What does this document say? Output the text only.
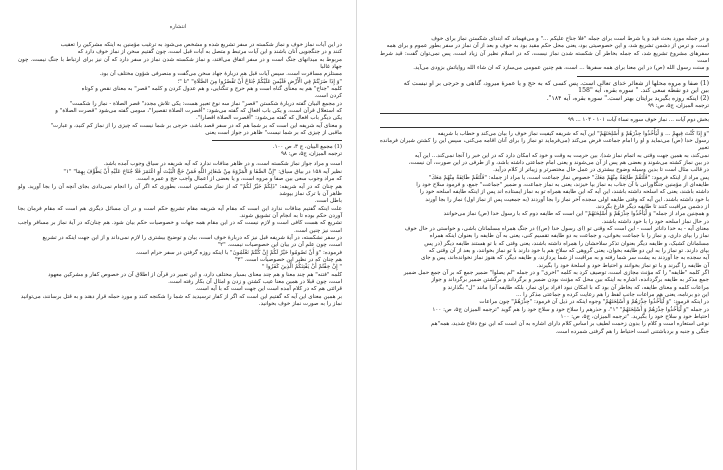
انتشاره

در این آیات نماز خوف و نماز شکسته در سفر تشریع شده و مشخص می‌شود به ترغیب مؤمنین به اینکه مشرکین را تعقیب

کنند و در جنگجویی آنان باشند و این آیات مرتبط و متصل به آیات قبل است، چون گفتیم سخن از نماز خوف دارد که

مربوط به میدانهای جنگ است و در سفر اتفاق می‌افتد، و نماز شکسته شدن نماز در سفر دارد که آن نیز برای ارتباط با جنگ نیست. چون جهاد غالبا

مستلزم مسافرت است. سپس آیات قبل هم دربارهٔ جهاد سخن می‌گفت و منصرفی شؤون مختلف آن بود.

"وَ إِذَا ضَرَبْتُمْ فِي الْأَرْضِ فَلَيْسَ عَلَيْكُمْ جُنَاحٌ أَنْ تَقْصُرُوا مِنَ الصَّلَاةِ" "تا "؛

كلمه "جناح" هم به معنای گناه است و هم حرج و تنگنایی، و هم عدول کردن و کلمه "قصر" به معنای نقص و کوتاه

کردن است.

در مجمع البیان گفته دربارهٔ شکستن "قصر" نماز سه نوع تعبیر هست: یکی تلاش مجدد" قصر الصلاة - نماز را شکست"

که استعلال قرآن است، و یکی باب افعال که گفته می‌شود: "أقصرت الصلاة تقصیرا"، سومی گفته می‌شود "قصرت الصلاة" و

یکی دیگر باب افعال که گفته می‌شود: "أقصرت الصلاة اقصارا".

و معنای آیه شریفه این است که بر شما هم که در سفر قصد باشد، حرجی بر شما نیست که چیزی را از نماز کم کنید، و عبارت"

ماقبی از چیزی که بر شما نیست" ظاهر در جواز است یعنی

(1) مجمع البیان، ج ۳، ص ۱۰۰.

ترجمه المیزان، ج۵، ص: ۹۸

است و مراد جواز نماز شکسته است، و در ظاهر منافات ندارد که آیه شریفه در سیاق وجوب آمده باشد.

نظیر آیه ۱۵۸ در بیاق سیاق: "إِنَّ الصَّفَا وَ الْمَرْوَةَ مِنْ شَعَائِرِ اللَّهِ فَمَنْ حَجَّ الْبَيْتَ أَوِ اعْتَمَرَ فَلَا جُنَاحَ عَلَيْهِ أَنْ يَطَّوَّفَ بِهِمَا" "۱"

که مراد وجوب سعی بین صفا و مروه است، و یا بعضی از اعمال واجب حج و عمره است.

هم چنان که در آیه شریفه: "ذَلِكُمْ خَيْرٌ لَكُمْ" که از نماز شکستن است، بطوری که اگر آن را انجام نمی‌دادی بجای آنچه آن را بجا آورید. ولو ظاهر آن با ترک نماز بپوشد

باطل است.

علت اینکه گفتیم منافات ندارد این است که مقام آیه شریفه مقام تشریع حکم است و در آن مسائل دیگری هم است که مقام فرمان بجا آوردن حکم بوده تا به انجام آن تشویق شوند.

تشریع که هست کافی است و لازم نیست که در این مقام همه جهات و خصوصیات حکم بیان شود. هم چنان‌که در آیهٔ نماز بر مسافر واجب است نیز چنین است.

در سفر نشکسته، در آیهٔ شریفه قبل نیز که دربارهٔ خوف است، بیان و توضیح بیشتری را لازم نمی‌داند و از این جهت اینکه در تشریع

است، چون علم آن در بیان این خصوصیات نیست. "۲"

فرموده: "وَ أَنْ تَصُومُوا خَيْرٌ لَكُمْ إِنْ كُنْتُمْ تَعْلَمُونَ" با اینکه روزه گرفتن در سفر حرام است.

هم چنان که در نظیر این خصوصیات است. "۳"

" إِنْ خِفْتُمْ أَنْ يَفْتِنَكُمُ الَّذِينَ كَفَرُوا "

کلمه "فتنه" هم چند معنا و هم چند معنای بسیار مختلف دارد، و این تعبیر در قرآن از اطلاق آن در خصوص کفار و مشرکین معهود

است، چون قبلا در همین معنا عیب کشتن و زدن و امثال آن بکار رفته است.

قرائتی هم که در کلام آمده است این جهت است که با آیه است.

بر همین معنای این آیه که گفتیم این است که اگر از کفار ترسیدید که شما را شکنجه کنند و مورد حمله قرار دهند و به قتل برسانند، می‌توانید

نماز را به صورت نماز خوف بخوانید.

و در جمله مورد بحث قید و یا شرط است برای جمله "فلا جناح علیکم ..." و می‌فهماند که ابتدای شکستن نماز برای خوف

است، و ترس از دشمن تشریع شد، و این خصوصیتی بود، یعنی محل حکم مقید بود به خوف و بعد از آن نماز در سفر بطور عموم و برای همه

سفرهای مشروع تشریع شد، که جمله بخاطر آن شکسته شدن نماز نیست، که در اسلام نظیر آن زیاد است، پس نمی‌توان گفت: قید شرط است

و سنت رسول الله (ص) در این معنا برای همه سفرها ... است، هم چنین عمومی می‌سازد که ان شاء الله روایاتش بزودی می‌آید.

(1) صفا و مروه محلها از شعائر خدای تعالی است. پس کسی که به حج و یا عمرهٔ میرود، گناهی و حرجی بر او نیست که

بین این دو نقطه سعی کند. " سوره بقره، آیه "158

(2) اینکه روزه بگیرید برایتان بهتر است." سوره بقره، آیه ۱۸۴".

ترجمه المیزان، ج۵، ص: ۹۹

بخش دوم آیات ... نماز خوف سوره نساء آیات ۱۰۱ - ۱۰۴ ... ۹۹

"وَ إِذَا كُنْتَ فِيهِمْ ... وَ لْيَأْخُذُوا حِذْرَهُمْ وَ أَسْلِحَتَهُمْ" این آیه که شریفه کیفیت نماز خوف را بیان می‌کند و خطاب با شریفه

رسول خدا (ص) می‌نماید و او را امام جماعت فرض می‌کند (می‌فرماید تو نماز را برای آنان اقامه می‌کنی، سپس این را کشتن شیران فرمانده تعبیر

نمی‌کند، به همین جهت وقتی به اتمام نماز شد). بین حرمت به وقت و خود که امکان دارد که در این خبر را آنجا نمی‌کند... این آیه

در بین نماز کشته می‌شوند و بعضی هم پس از آن می‌شوند و یعنی امام جماعتی داشته باشد، و از طرفی در این صورت، آن نیست،

در قالب مثال است تا بدین وسیله وضوح بیشتری در عمل حال مختصرتر و زیباتر از کلام درآید.

پس مراد از اینکه فرمود: "فَلْتَقُمْ طَائِفَةٌ مِنْهُمْ مَعَكَ" خصوص نماز جماعت است، یا مراد از جمله: "فَلْتَقُمْ طَائِفَةٌ مِنْهُمْ مَعَكَ"

طایفه‌ای از مؤمنین جنگاورانی با آن جناب به نماز بپا خیزند، یعنی به نماز جماعت، و ضمیر "جماعت" جمع، و فرمود سلاح خود را

داشته باشند، یعنی که اسلحه داشته باشند، این آیه که این طایفه همراه تو به نماز ایستاده اند پس از اینکه طایفه اسلحه خود را

با خود داشته باشند. این آیه که وقتی طایفه اولی سجده آخر نماز را بجا آوردند (به جمعیت پس از نماز اول) نماز را بجا آورند

از دشمن مراقبت کنند تا طایفه دیگر فارغ بگردند.

و همچنین مراد از جمله" وَ لْيَأْخُذُوا حِذْرَهُمْ وَ أَسْلِحَتَهُمْ" این است که طایفه دوم که با رسول خدا (ص) نماز می‌خوانند

در حال نماز اسلحه خود را با خود داشته باشند.

معنای آیه - به خدا داناتر است - این است که وقتی تو (ای رسول خدا (ص)) در جنگ همراه مسلمانان باشی، و خواستی در حال خوف

نماز را بپای داری، و نماز را با جماعت بخوانی، و جماعت به دو طایفه تقسیم کنی، یعنی به آن طایفه را بعنوان اینکه همراه

مسلمانان کشیک، و طایفه دیگر بعنوان تذکر سلاحشان را همراه داشته باشند، یعنی وقتی که با تو هستند طایفه دیگر (در پس

بپای دارند. تو نماز را به این دو طایفه بخوان، یعنی گروهی که سلاح هم با خود دارند با تو نماز بخوانند، و بعد از آن وقتی که

آیه سجده به جا آوردند به پشت سر شما رفته و به مراقبت از شما پردازند، و طایفه دیگر، که هنوز نماز نخوانده‌اند، پس و جای

آن طایفه را گیرند و با تو نماز بخوانند و احتیاط خود و اسلحهٔ خود را بگیرند.

اگر کلمه "طایفه" را که مؤنث مجازی است، توصیف کرد به کلمه "اخری" و در جمله "لم یصلوا" ضمیر جمع که بر آن جمع حمل ضمیر

جمع مذکر به طایفه برگردانده، اشاره به اینکه بین محل که مؤنث بودن ضمیر و برگرداند و برگشتن ضمیر برگرداند و جواز

مراعات کلمه و معنای طایفه، که بخاطر آن بود که با امکان نبود افراد برای نماز، بلکه طایفه آنرا مانند "ل" بگذارند و

این دو برنامه، یعنی هم مراعات جانب لفظ را هم رعایت کرده و جماعتی مذکر را ...

در اینکه فرمود: "وَ لْيَأْخُذُوا حِذْرَهُمْ وَ أَسْلِحَتَهُمْ" وجوه اینکه در ذیل آن فرمود: "حِذْرَهُمْ" چون مراعات

در جمله "وَ لْيَأْخُذُوا حِذْرَهُمْ وَ أَسْلِحَتَهُمْ" "۱"، و حذرهم را سلاح خود و سلاح خود را هم گوید "ترجمه المیزان ج۵، ص: ۱۰۰

احتیاط خود و سلاح خود را بگیرید. "ترجمه المیزان، ج۵، ص: ۱۰۰

نوعی استعاره است و کلام را بدون زحمت لطیف بر اساس کلام دارای اشاره به آن است که این نوع دفاع شدید، همه"‌هم

جنگی و جنبه و بردباشتنی است احتیاط را هم گرفتی شمرده است.
